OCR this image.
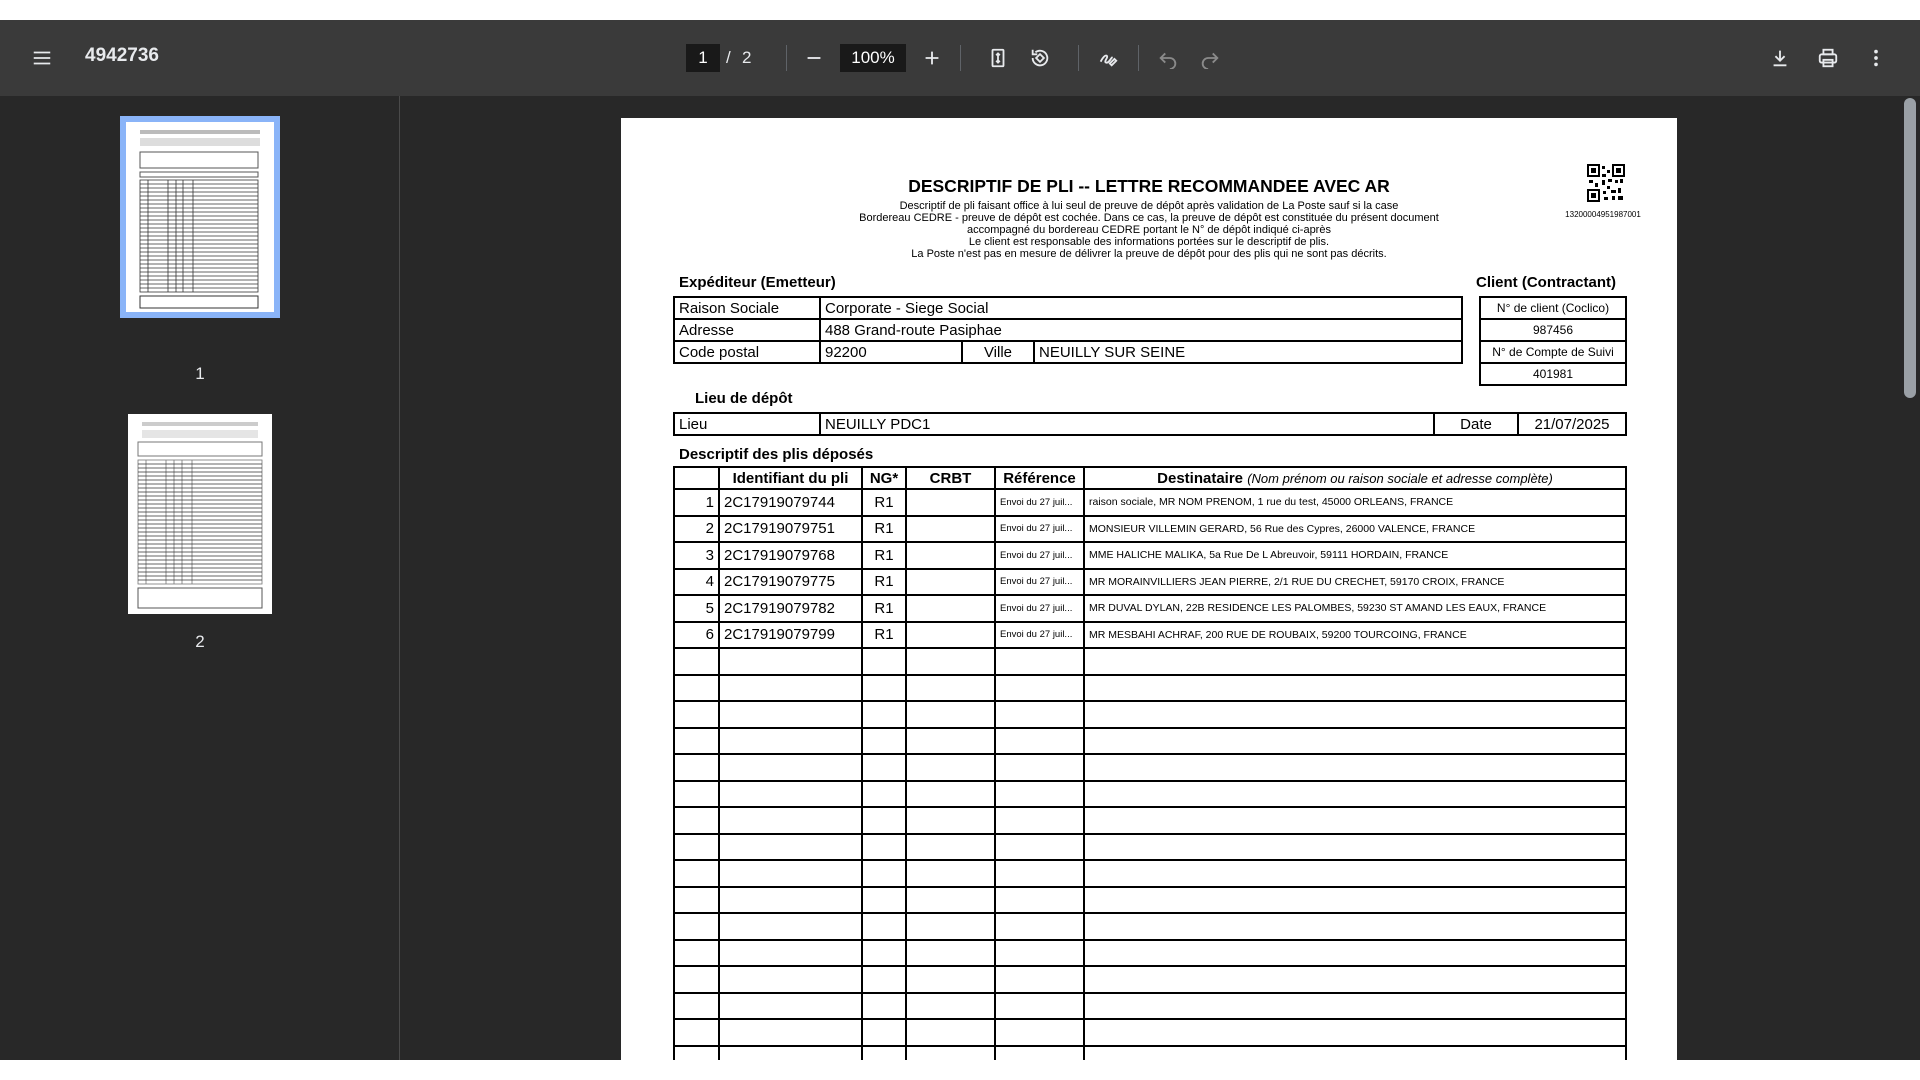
4942736
1	/ 2
100%
1
2
DESCRIPTIF DE PLI -- LETTRE RECOMMANDEE AVEC AR
Descriptif de pli faisant office à lui seul de preuve de dépôt après validation de La Poste sauf si la case
Bordereau CEDRE - preuve de dépôt est cochée. Dans ce cas, la preuve de dépôt est constituée du présent document
accompagné du bordereau CEDRE portant le N° de dépôt indiqué ci-après
Le client est responsable des informations portées sur le descriptif de plis.
La Poste n'est pas en mesure de délivrer la preuve de dépôt pour des plis qui ne sont pas décrits.
13200004951987001
Expéditeur (Emetteur)	Client (Contractant)
Raison Sociale	Corporate - Siege Social		
Adresse	488 Grand-route Pasiphae		
Code postal	92200	Ville	NEUILLY SUR SEINE
N° de client (Coclico)
987456
N° de Compte de Suivi
401981
Lieu de dépôt
Lieu	NEUILLY PDC1	Date	21/07/2025
Descriptif des plis déposés
	Identifiant du pli	NG*	CRBT	Référence	Destinataire (Nom prénom ou raison sociale et adresse complète)
1	2C17919079744	R1		Envoi du 27 juil...	raison sociale, MR NOM PRENOM, 1 rue du test, 45000 ORLEANS, FRANCE
2	2C17919079751	R1		Envoi du 27 juil...	MONSIEUR VILLEMIN GERARD, 56 Rue des Cypres, 26000 VALENCE, FRANCE
3	2C17919079768	R1		Envoi du 27 juil...	MME HALICHE MALIKA, 5a Rue De L Abreuvoir, 59111 HORDAIN, FRANCE
4	2C17919079775	R1		Envoi du 27 juil...	MR MORAINVILLIERS JEAN PIERRE, 2/1 RUE DU CRECHET, 59170 CROIX, FRANCE
5	2C17919079782	R1		Envoi du 27 juil...	MR DUVAL DYLAN, 22B RESIDENCE LES PALOMBES, 59230 ST AMAND LES EAUX, FRANCE
6	2C17919079799	R1		Envoi du 27 juil...	MR MESBAHI ACHRAF, 200 RUE DE ROUBAIX, 59200 TOURCOING, FRANCE
